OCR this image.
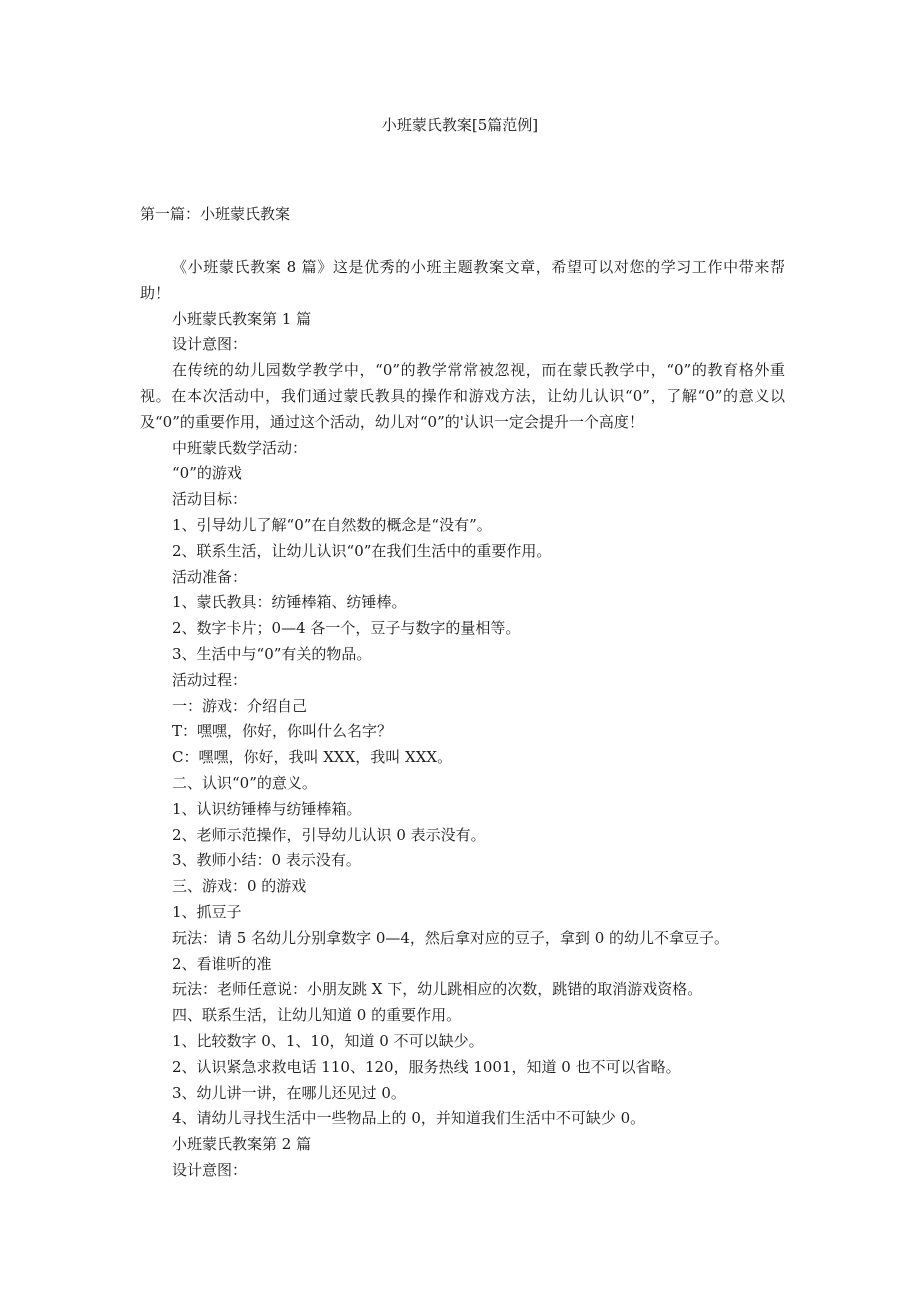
小班蒙氏教案[5篇范例]
第一篇：小班蒙氏教案

《小班蒙氏教案 8 篇》这是优秀的小班主题教案文章，希望可以对您的学习工作中带来帮助！

小班蒙氏教案第 1 篇

设计意图：

在传统的幼儿园数学教学中，“0”的教学常常被忽视，而在蒙氏教学中，“0”的教育格外重视。在本次活动中，我们通过蒙氏教具的操作和游戏方法，让幼儿认识“0”，了解“0”的意义以及“0”的重要作用，通过这个活动，幼儿对“0”的'认识一定会提升一个高度！

中班蒙氏数学活动：

“0”的游戏

活动目标：

1、引导幼儿了解“0”在自然数的概念是“没有”。

2、联系生活，让幼儿认识“0”在我们生活中的重要作用。

活动准备：

1、蒙氏教具：纺锤棒箱、纺锤棒。

2、数字卡片；0—4 各一个，豆子与数字的量相等。

3、生活中与“0”有关的物品。

活动过程：

一：游戏：介绍自己

T：嘿嘿，你好，你叫什么名字？

C：嘿嘿，你好，我叫 XXX，我叫 XXX。

二、认识“0”的意义。

1、认识纺锤棒与纺锤棒箱。

2、老师示范操作，引导幼儿认识 0 表示没有。

3、教师小结：0 表示没有。

三、游戏：0 的游戏

1、抓豆子

玩法：请 5 名幼儿分别拿数字 0—4，然后拿对应的豆子，拿到 0 的幼儿不拿豆子。

2、看谁听的准

玩法：老师任意说：小朋友跳 X 下，幼儿跳相应的次数，跳错的取消游戏资格。

四、联系生活，让幼儿知道 0 的重要作用。

1、比较数字 0、1、10，知道 0 不可以缺少。

2、认识紧急求救电话 110、120，服务热线 1001，知道 0 也不可以省略。

3、幼儿讲一讲，在哪儿还见过 0。

4、请幼儿寻找生活中一些物品上的 0，并知道我们生活中不可缺少 0。

小班蒙氏教案第 2 篇

设计意图：
